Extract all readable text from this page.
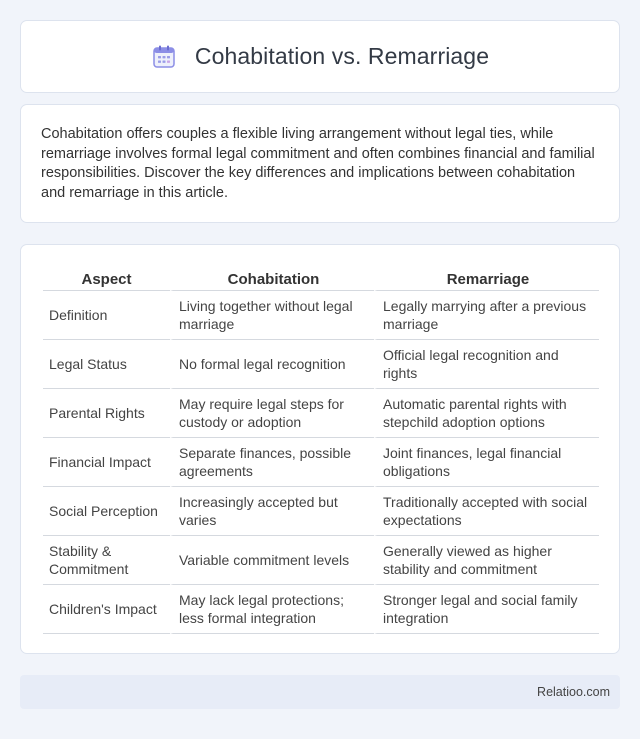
Cohabitation vs. Remarriage

Cohabitation offers couples a flexible living arrangement without legal ties, while remarriage involves formal legal commitment and often combines financial and familial responsibilities. Discover the key differences and implications between cohabitation and remarriage in this article.

Aspect	Cohabitation	Remarriage
Definition	Living together without legal marriage	Legally marrying after a previous marriage
Legal Status	No formal legal recognition	Official legal recognition and rights
Parental Rights	May require legal steps for custody or adoption	Automatic parental rights with stepchild adoption options
Financial Impact	Separate finances, possible agreements	Joint finances, legal financial obligations
Social Perception	Increasingly accepted but varies	Traditionally accepted with social expectations
Stability & Commitment	Variable commitment levels	Generally viewed as higher stability and commitment
Children's Impact	May lack legal protections; less formal integration	Stronger legal and social family integration
Relatioo.com
